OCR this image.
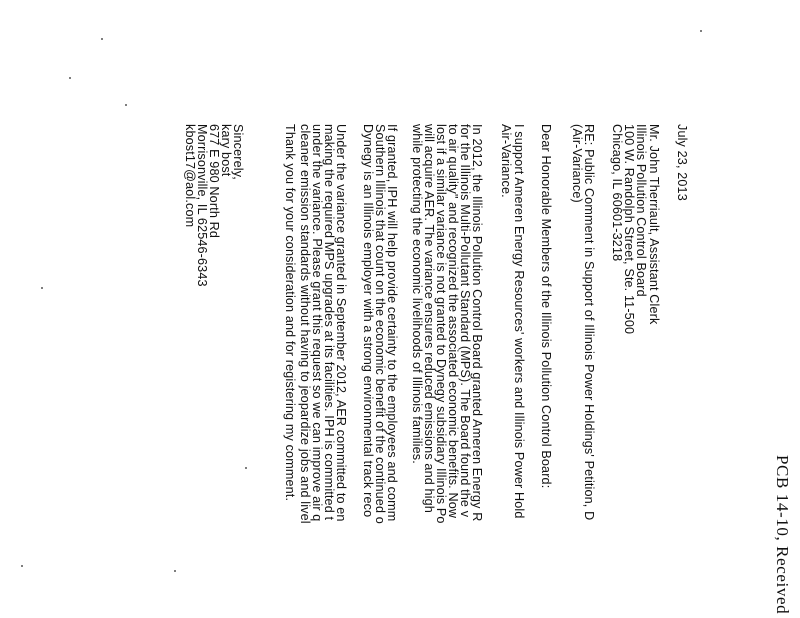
PCB 14-10, Received
July 23, 2013
Mr. John Therriault, Assistant Clerk
Illinois Pollution Control Board
100 W. Randolph Street, Ste. 11-500
Chicago, IL 60601-3218
RE: Public Comment in Support of Illinois Power Holdings' Petition, D
(Air-Variance)
Dear Honorable Members of the Illinois Pollution Control Board:
I support Ameren Energy Resources' workers and Illinois Power Hold
Air-Variance.
In 2012, the Illinois Pollution Control Board granted Ameren Energy R
for the Illinois Multi-Pollutant Standard (MPS). The Board found the v
to air quality" and recognized the associated economic benefits. Now
lost if a similar variance is not granted to Dynegy subsidiary Illinois Po
will acquire AER. The variance ensures reduced emissions and high
while protecting the economic livelihoods of Illinois families.
If granted, IPH will help provide certainty to the employees and comm
Southern Illinois that count on the economic benefit of the continued o
Dynegy is an Illinois employer with a strong environmental track reco
Under the variance granted in September 2012, AER committed to en
making the required MPS upgrades at its facilities. IPH is committed t
under the variance. Please grant this request so we can improve air q
cleaner emission standards without having to jeopardize jobs and livel
Thank you for your consideration and for registering my comment.
Sincerely,
kary bost
677 E 980 North Rd
Morrisonville, IL 62546-6343
kbost17@aol.com
